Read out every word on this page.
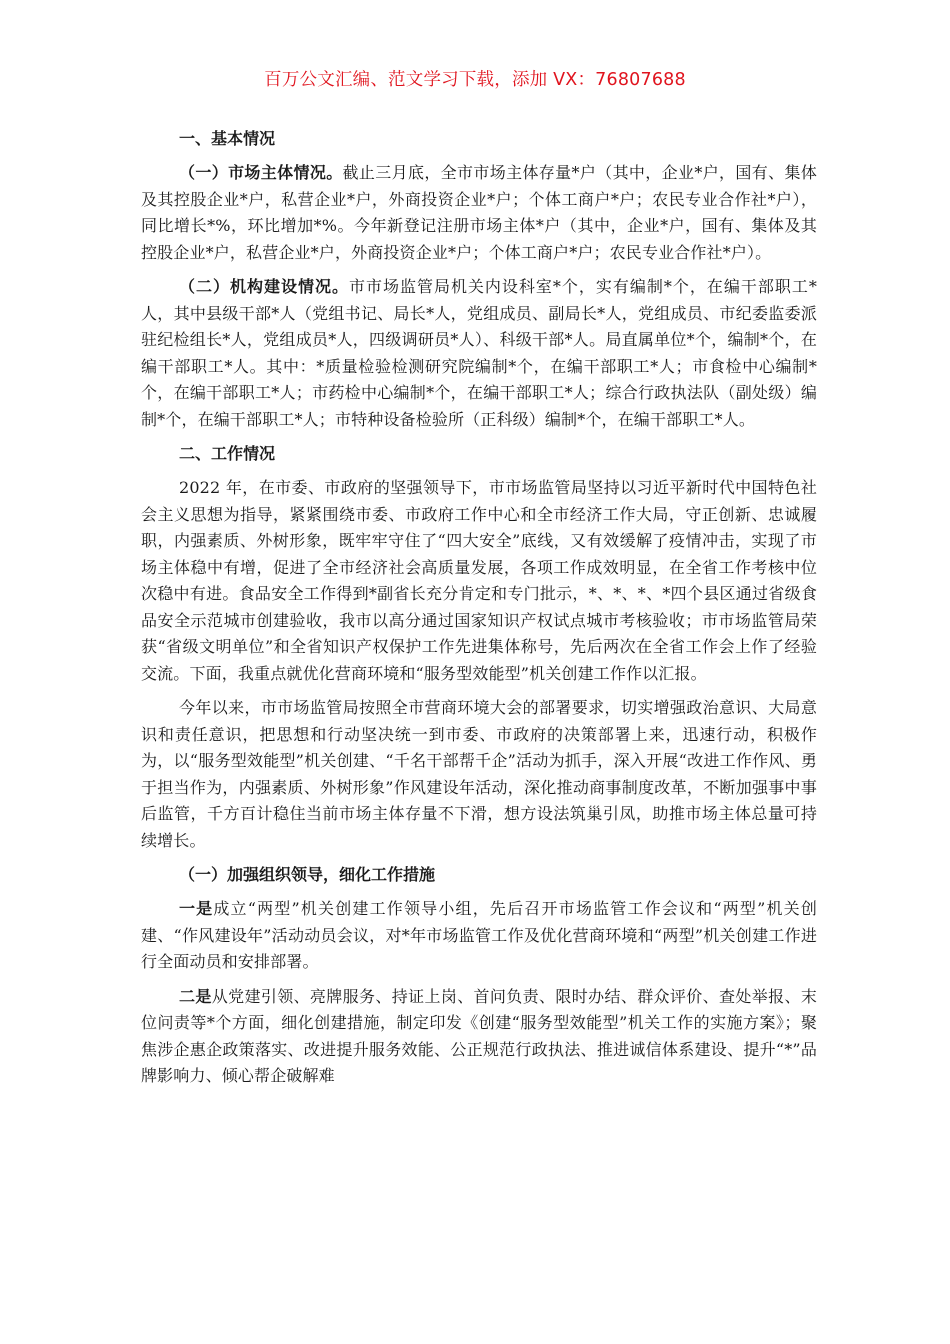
百万公文汇编、范文学习下载，添加 VX：76807688
一、基本情况

（一）市场主体情况。截止三月底，全市市场主体存量*户（其中，企业*户，国有、集体及其控股企业*户，私营企业*户，外商投资企业*户；个体工商户*户；农民专业合作社*户），同比增长*%，环比增加*%。今年新登记注册市场主体*户（其中，企业*户，国有、集体及其控股企业*户，私营企业*户，外商投资企业*户；个体工商户*户；农民专业合作社*户）。

（二）机构建设情况。市市场监管局机关内设科室*个，实有编制*个，在编干部职工*人，其中县级干部*人（党组书记、局长*人，党组成员、副局长*人，党组成员、市纪委监委派驻纪检组长*人，党组成员*人，四级调研员*人）、科级干部*人。局直属单位*个，编制*个，在编干部职工*人。其中：*质量检验检测研究院编制*个，在编干部职工*人；市食检中心编制*个，在编干部职工*人；市药检中心编制*个，在编干部职工*人；综合行政执法队（副处级）编制*个，在编干部职工*人；市特种设备检验所（正科级）编制*个，在编干部职工*人。

二、工作情况

2022 年，在市委、市政府的坚强领导下，市市场监管局坚持以习近平新时代中国特色社会主义思想为指导，紧紧围绕市委、市政府工作中心和全市经济工作大局，守正创新、忠诚履职，内强素质、外树形象，既牢牢守住了“四大安全”底线，又有效缓解了疫情冲击，实现了市场主体稳中有增，促进了全市经济社会高质量发展，各项工作成效明显，在全省工作考核中位次稳中有进。食品安全工作得到*副省长充分肯定和专门批示，*、*、*、*四个县区通过省级食品安全示范城市创建验收，我市以高分通过国家知识产权试点城市考核验收；市市场监管局荣获“省级文明单位”和全省知识产权保护工作先进集体称号，先后两次在全省工作会上作了经验交流。下面，我重点就优化营商环境和“服务型效能型”机关创建工作作以汇报。

今年以来，市市场监管局按照全市营商环境大会的部署要求，切实增强政治意识、大局意识和责任意识，把思想和行动坚决统一到市委、市政府的决策部署上来，迅速行动，积极作为，以“服务型效能型”机关创建、“千名干部帮千企”活动为抓手，深入开展“改进工作作风、勇于担当作为，内强素质、外树形象”作风建设年活动，深化推动商事制度改革，不断加强事中事后监管，千方百计稳住当前市场主体存量不下滑，想方设法筑巢引凤，助推市场主体总量可持续增长。

（一）加强组织领导，细化工作措施

一是成立“两型”机关创建工作领导小组，先后召开市场监管工作会议和“两型”机关创建、“作风建设年”活动动员会议，对*年市场监管工作及优化营商环境和“两型”机关创建工作进行全面动员和安排部署。

二是从党建引领、亮牌服务、持证上岗、首问负责、限时办结、群众评价、查处举报、末位问责等*个方面，细化创建措施，制定印发《创建“服务型效能型”机关工作的实施方案》；聚焦涉企惠企政策落实、改进提升服务效能、公正规范行政执法、推进诚信体系建设、提升“*”品牌影响力、倾心帮企破解难
